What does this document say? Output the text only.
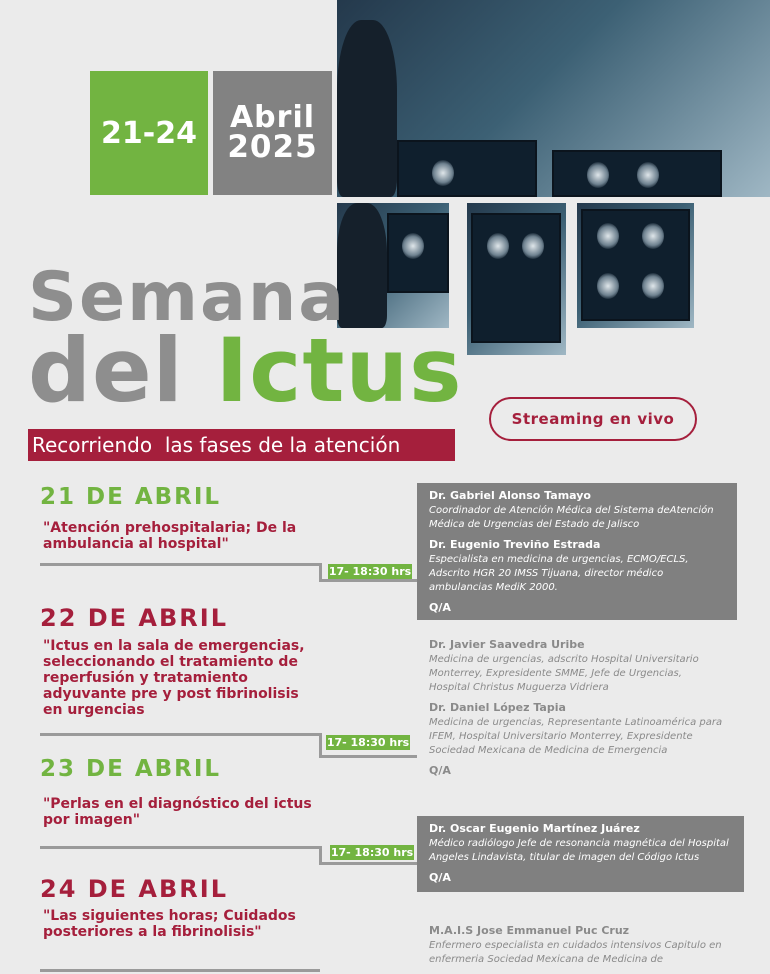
21-24 Abril
2025
Semana
del Ictus
Recorriendo  las fases de la atención
Streaming en vivo
21 DE ABRIL
"Atención prehospitalaria; De la ambulancia al hospital"
17- 18:30 hrs
Dr. Gabriel Alonso Tamayo
Coordinador de Atención Médica del Sistema deAtención Médica de Urgencias del Estado de Jalisco
Dr. Eugenio Treviño Estrada
Especialista en medicina de urgencias, ECMO/ECLS, Adscrito HGR 20 IMSS Tijuana, director médico ambulancias MediK 2000.
Q/A
22 DE ABRIL
"Ictus en la sala de emergencias, seleccionando el tratamiento de reperfusión y tratamiento adyuvante pre y post fibrinolisis en urgencias
17- 18:30 hrs
Dr. Javier Saavedra Uribe
Medicina de urgencias, adscrito Hospital Universitario Monterrey, Expresidente SMME, Jefe de Urgencias, Hospital Christus Muguerza Vidriera
Dr. Daniel López Tapia
Medicina de urgencias, Representante Latinoamérica para IFEM, Hospital Universitario Monterrey, Expresidente Sociedad Mexicana de Medicina de Emergencia
Q/A
23 DE ABRIL
"Perlas en el diagnóstico del ictus por imagen"
17- 18:30 hrs
Dr. Oscar Eugenio Martínez Juárez
Médico radiólogo Jefe de resonancia magnética del Hospital Angeles Lindavista, titular de imagen del Código Ictus
Q/A
24 DE ABRIL
"Las siguientes horas; Cuidados posteriores a la fibrinolisis"	M.A.I.S Jose Emmanuel Puc Cruz
Enfermero especialista en cuidados intensivos Capitulo en enfermeria Sociedad Mexicana de Medicina de
